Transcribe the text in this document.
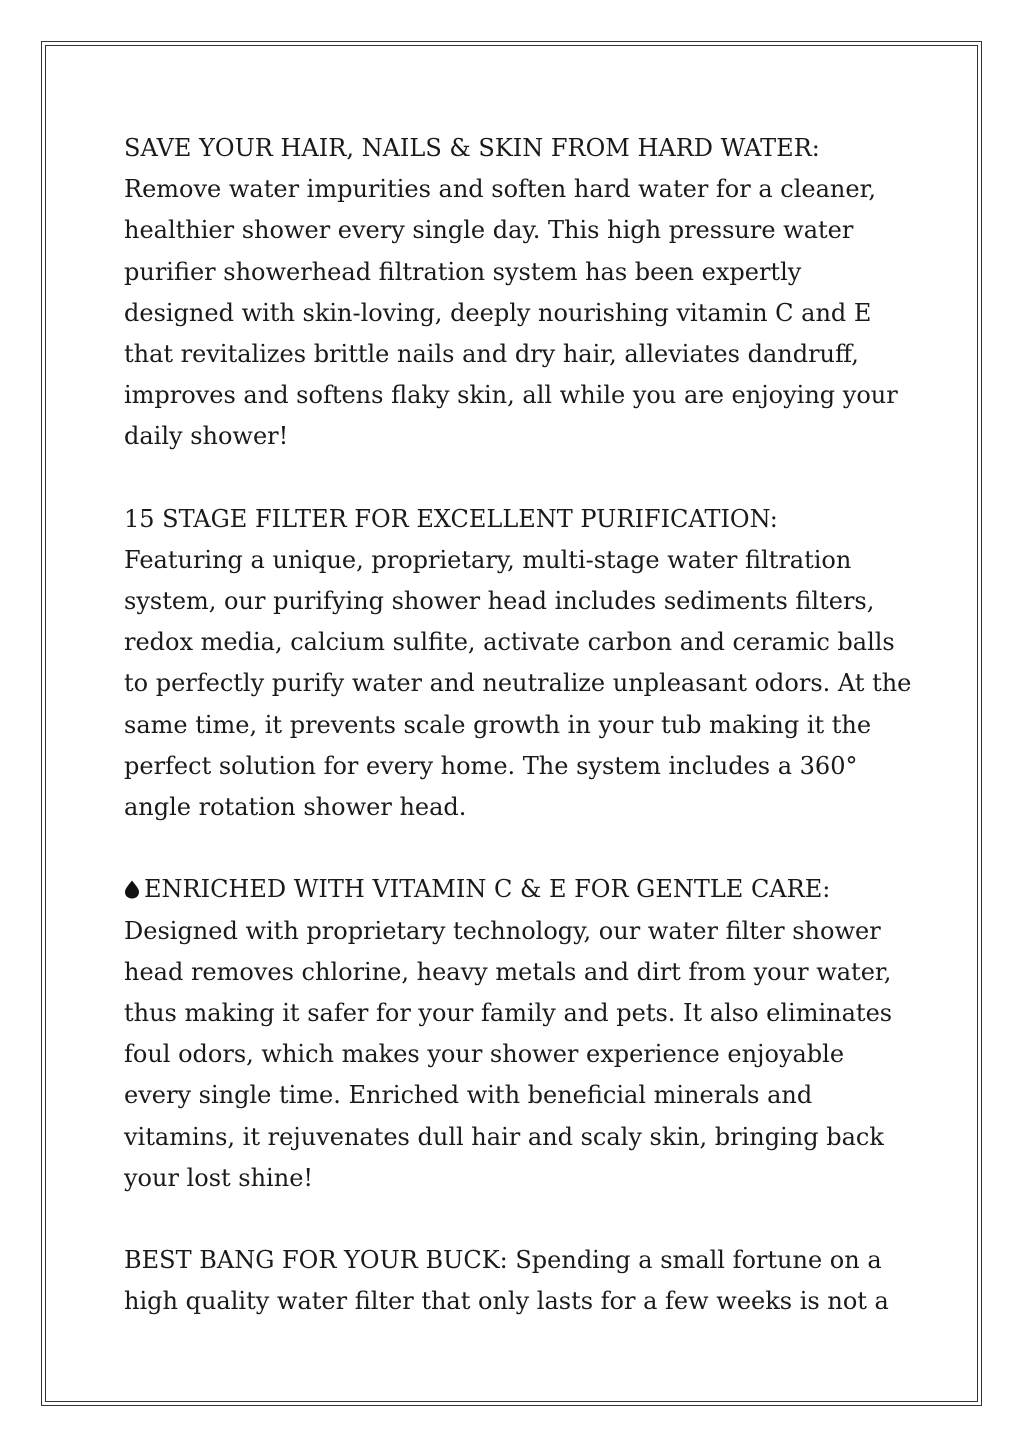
SAVE YOUR HAIR, NAILS & SKIN FROM HARD WATER:
Remove water impurities and soften hard water for a cleaner,
healthier shower every single day. This high pressure water
purifier showerhead filtration system has been expertly
designed with skin-loving, deeply nourishing vitamin C and E
that revitalizes brittle nails and dry hair, alleviates dandruff,
improves and softens flaky skin, all while you are enjoying your
daily shower!
15 STAGE FILTER FOR EXCELLENT PURIFICATION:
Featuring a unique, proprietary, multi-stage water filtration
system, our purifying shower head includes sediments filters,
redox media, calcium sulfite, activate carbon and ceramic balls
to perfectly purify water and neutralize unpleasant odors. At the
same time, it prevents scale growth in your tub making it the
perfect solution for every home. The system includes a 360°
angle rotation shower head.
ENRICHED WITH VITAMIN C & E FOR GENTLE CARE:
Designed with proprietary technology, our water filter shower
head removes chlorine, heavy metals and dirt from your water,
thus making it safer for your family and pets. It also eliminates
foul odors, which makes your shower experience enjoyable
every single time. Enriched with beneficial minerals and
vitamins, it rejuvenates dull hair and scaly skin, bringing back
your lost shine!
BEST BANG FOR YOUR BUCK: Spending a small fortune on a
high quality water filter that only lasts for a few weeks is not a
